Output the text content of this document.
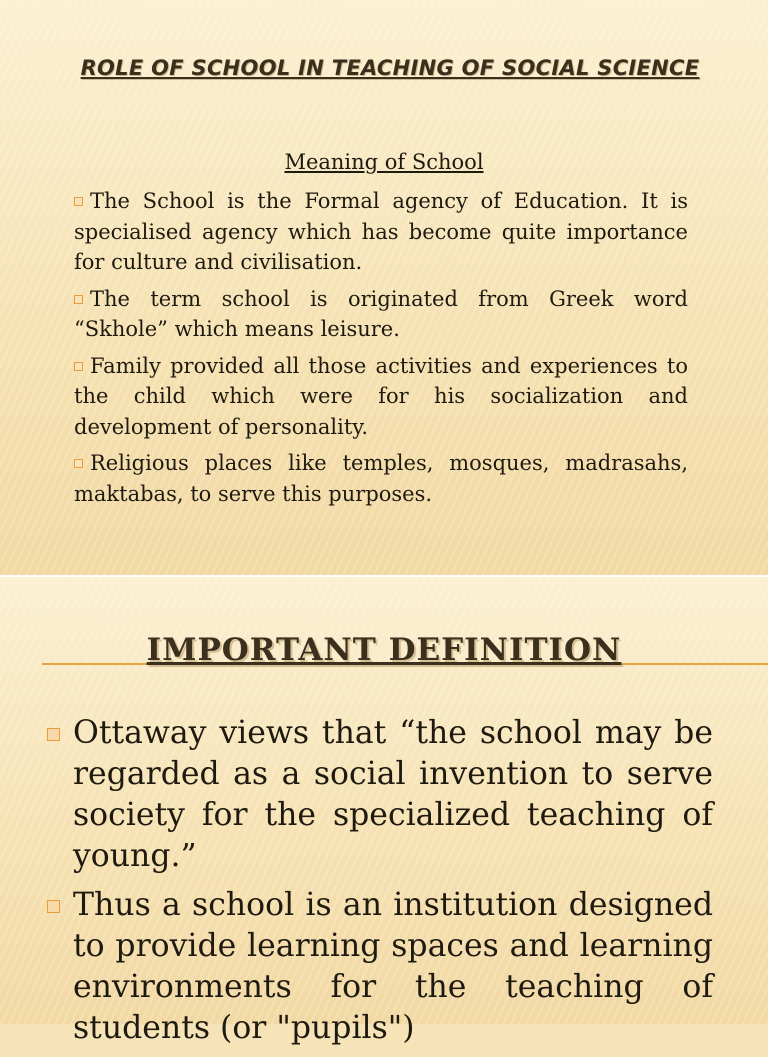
ROLE OF SCHOOL IN TEACHING OF SOCIAL SCIENCE
Meaning of School

The School is the Formal agency of Education. It is specialised agency which has become quite importance for culture and civilisation.

The term school is originated from Greek word “Skhole” which means leisure.

Family provided all those activities and experiences to the child which were for his socialization and development of personality.

Religious places like temples, mosques, madrasahs, maktabas, to serve this purposes.

IMPORTANT DEFINITION

Ottaway views that “the school may be regarded as a social invention to serve society for the specialized teaching of young.”

Thus a school is an institution designed to provide learning spaces and learning environments for the teaching of students (or "pupils")
